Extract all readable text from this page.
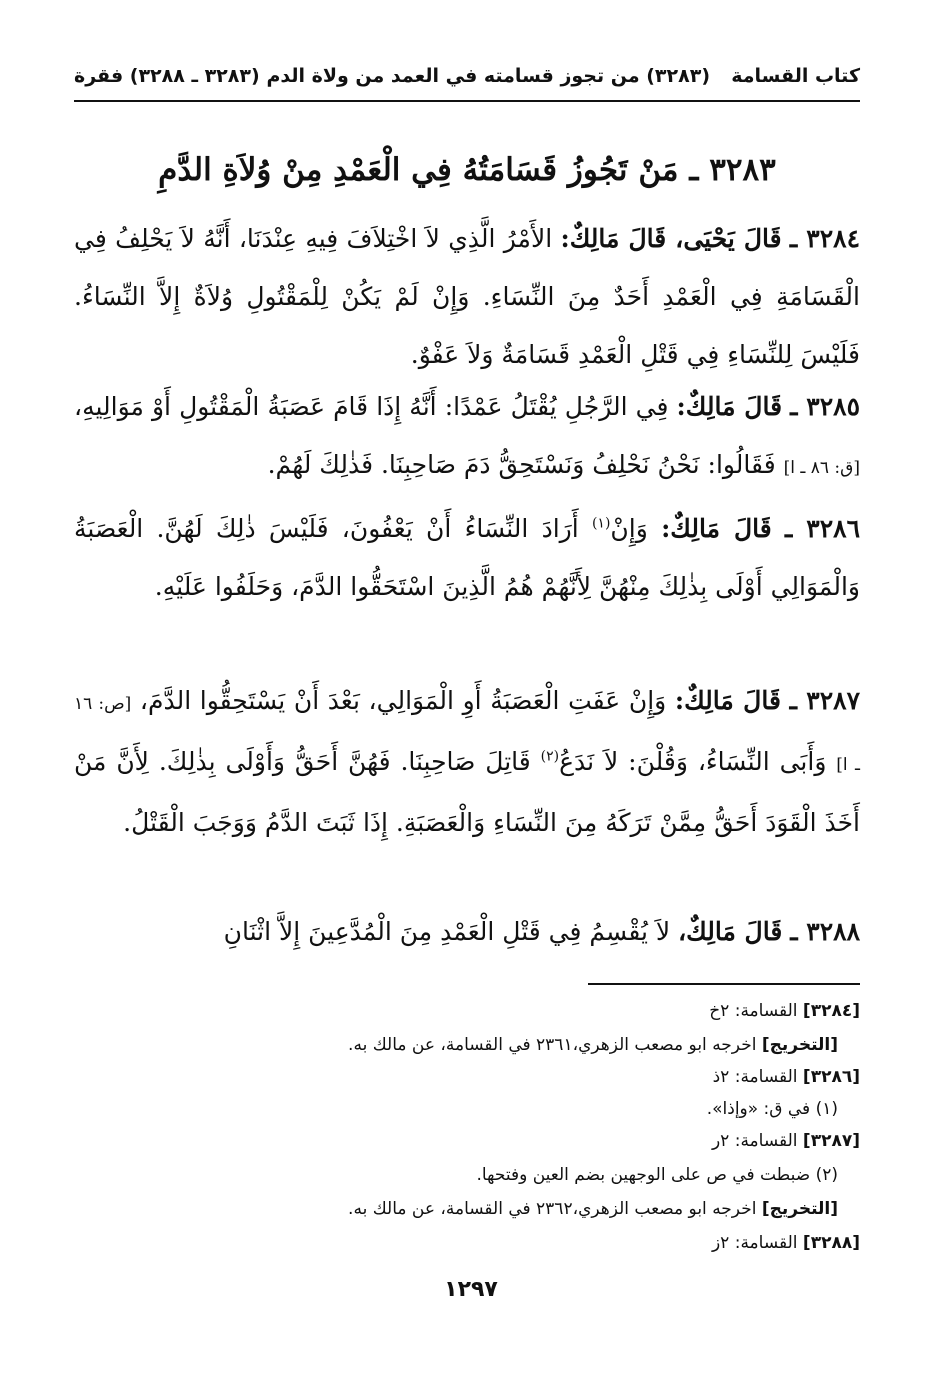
كتاب القسامة
(٣٢٨٣) من تجوز قسامته في العمد من ولاة الدم
(٣٢٨٣ ـ ٣٢٨٨) فقرة
٣٢٨٣ ـ مَنْ تَجُوزُ قَسَامَتُهُ فِي الْعَمْدِ مِنْ وُلاَةِ الدَّمِ

٣٢٨٤ ـ قَالَ يَحْيَى، قَالَ مَالِكٌ: الأَمْرُ الَّذِي لاَ اخْتِلاَفَ فِيهِ عِنْدَنَا، أَنَّهُ لاَ يَحْلِفُ فِي الْقَسَامَةِ فِي الْعَمْدِ أَحَدٌ مِنَ النِّسَاءِ. وَإِنْ لَمْ يَكُنْ لِلْمَقْتُولِ وُلاَةٌ إِلاَّ النِّسَاءُ. فَلَيْسَ لِلنِّسَاءِ فِي قَتْلِ الْعَمْدِ قَسَامَةٌ وَلاَ عَفْوٌ.

٣٢٨٥ ـ قَالَ مَالِكٌ: فِي الرَّجُلِ يُقْتَلُ عَمْدًا: أَنَّهُ إِذَا قَامَ عَصَبَةُ الْمَقْتُولِ أَوْ مَوَالِيهِ، [ق: ٨٦ ـ ا] فَقَالُوا: نَحْنُ نَحْلِفُ وَنَسْتَحِقُّ دَمَ صَاحِبِنَا. فَذٰلِكَ لَهُمْ.

٣٢٨٦ ـ قَالَ مَالِكٌ: وَإِنْ$^{(١)}$ أَرَادَ النِّسَاءُ أَنْ يَعْفُونَ، فَلَيْسَ ذٰلِكَ لَهُنَّ. الْعَصَبَةُ وَالْمَوَالِي أَوْلَى بِذٰلِكَ مِنْهُنَّ لِأَنَّهُمْ هُمُ الَّذِينَ اسْتَحَقُّوا الدَّمَ، وَحَلَفُوا عَلَيْهِ.

٣٢٨٧ ـ قَالَ مَالِكٌ: وَإِنْ عَفَتِ الْعَصَبَةُ أَوِ الْمَوَالِي، بَعْدَ أَنْ يَسْتَحِقُّوا الدَّمَ، [ص: ١٦ ـ ا] وَأَبَى النِّسَاءُ، وَقُلْنَ: لاَ نَدَعُ$^{(٢)}$ قَاتِلَ صَاحِبِنَا. فَهُنَّ أَحَقُّ وَأَوْلَى بِذٰلِكَ. لِأَنَّ مَنْ أَخَذَ الْقَوَدَ أَحَقُّ مِمَّنْ تَرَكَهُ مِنَ النِّسَاءِ وَالْعَصَبَةِ. إِذَا ثَبَتَ الدَّمُ وَوَجَبَ الْقَتْلُ.

٣٢٨٨ ـ قَالَ مَالِكٌ، لاَ يُقْسِمُ فِي قَتْلِ الْعَمْدِ مِنَ الْمُدَّعِينَ إِلاَّ اثْنَانِ

[٣٢٨٤] القسامة: ٢خ
[التخريج] اخرجه ابو مصعب الزهري،٢٣٦١ في القسامة، عن مالك به.
[٣٢٨٦] القسامة: ٢ذ
(١) في ق: «وإذا».
[٣٢٨٧] القسامة: ٢ر
(٢) ضبطت في ص على الوجهين بضم العين وفتحها.
[التخريج] اخرجه ابو مصعب الزهري،٢٣٦٢ في القسامة، عن مالك به.
[٣٢٨٨] القسامة: ٢ز
١٢٩٧
